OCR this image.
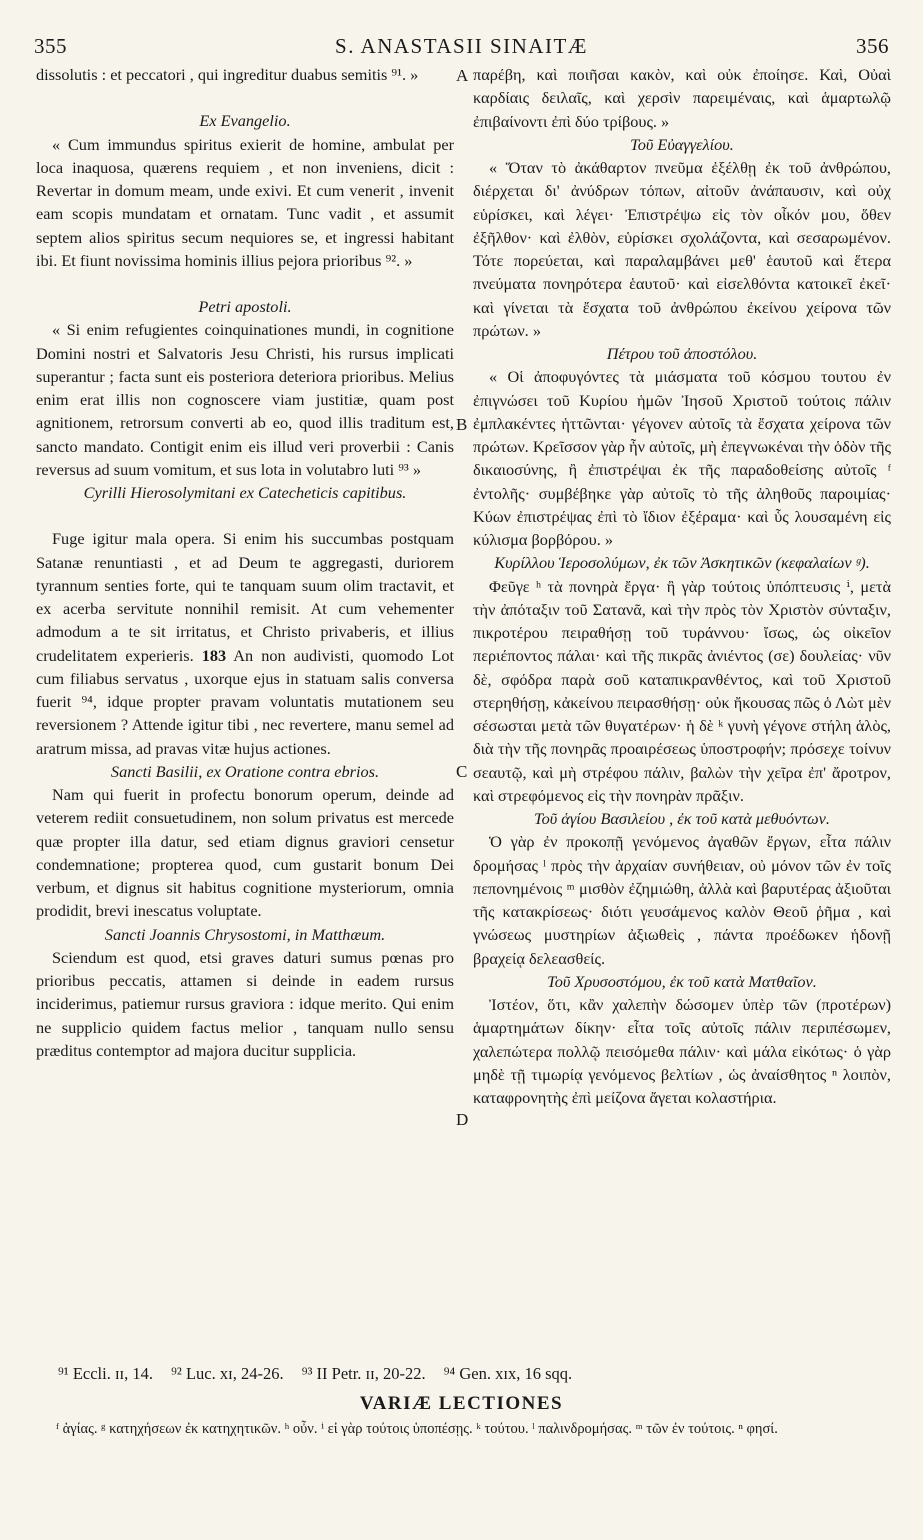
355	S. ANASTASII SINAITÆ	356

dissolutis : et peccatori , qui ingreditur duabus semitis ⁹¹. »

Ex Evangelio.

« Cum immundus spiritus exierit de homine, ambulat per loca inaquosa, quærens requiem , et non inveniens, dicit : Revertar in domum meam, unde exivi. Et cum venerit , invenit eam scopis mundatam et ornatam. Tunc vadit , et assumit septem alios spiritus secum nequiores se, et ingressi habitant ibi. Et fiunt novissima hominis illius pejora prioribus ⁹². »

Petri apostoli.

« Si enim refugientes coinquinationes mundi, in cognitione Domini nostri et Salvatoris Jesu Christi, his rursus implicati superantur ; facta sunt eis posteriora deteriora prioribus. Melius enim erat illis non cognoscere viam justitiæ, quam post agnitionem, retrorsum converti ab eo, quod illis traditum est, sancto mandato. Contigit enim eis illud veri proverbii : Canis reversus ad suum vomitum, et sus lota in volutabro luti ⁹³ »

Cyrilli Hierosolymitani ex Catecheticis capitibus.

Fuge igitur mala opera. Si enim his succumbas postquam Satanæ renuntiasti , et ad Deum te aggregasti, duriorem tyrannum senties forte, qui te tanquam suum olim tractavit, et ex acerba servitute nonnihil remisit. At cum vehementer admodum a te sit irritatus, et Christo privaberis, et illius crudelitatem experieris. 183 An non audivisti, quomodo Lot cum filiabus servatus , uxorque ejus in statuam salis conversa fuerit ⁹⁴, idque propter pravam voluntatis mutationem seu reversionem ? Attende igitur tibi , nec revertere, manu semel ad aratrum missa, ad pravas vitæ hujus actiones.

Sancti Basilii, ex Oratione contra ebrios.

Nam qui fuerit in profectu bonorum operum, deinde ad veterem rediit consuetudinem, non solum privatus est mercede quæ propter illa datur, sed etiam dignus graviori censetur condemnatione; propterea quod, cum gustarit bonum Dei verbum, et dignus sit habitus cognitione mysteriorum, omnia prodidit, brevi inescatus voluptate.

Sancti Joannis Chrysostomi, in Matthæum.

Sciendum est quod, etsi graves daturi sumus pœnas pro prioribus peccatis, attamen si deinde in eadem rursus inciderimus, patiemur rursus graviora : idque merito. Qui enim ne supplicio quidem factus melior , tanquam nullo sensu præditus contemptor ad majora ducitur supplicia.

A
B
C
D

παρέβη, καὶ ποιῆσαι κακὸν, καὶ οὐκ ἐποίησε. Καὶ, Οὐαὶ καρδίαις δειλαῖς, καὶ χερσὶν παρειμέναις, καὶ ἁμαρτωλῷ ἐπιβαίνοντι ἐπὶ δύο τρίβους. »

Τοῦ Εὐαγγελίου.

« Ὅταν τὸ ἀκάθαρτον πνεῦμα ἐξέλθῃ ἐκ τοῦ ἀνθρώπου, διέρχεται δι' ἀνύδρων τόπων, αἰτοῦν ἀνάπαυσιν, καὶ οὐχ εὑρίσκει, καὶ λέγει· Ἐπιστρέψω εἰς τὸν οἶκόν μου, ὅθεν ἐξῆλθον· καὶ ἐλθὸν, εὑρίσκει σχολάζοντα, καὶ σεσαρωμένον. Τότε πορεύεται, καὶ παραλαμβάνει μεθ' ἑαυτοῦ καὶ ἕτερα πνεύματα πονηρότερα ἑαυτοῦ· καὶ εἰσελθόντα κατοικεῖ ἐκεῖ· καὶ γίνεται τὰ ἔσχατα τοῦ ἀνθρώπου ἐκείνου χείρονα τῶν πρώτων. »

Πέτρου τοῦ ἀποστόλου.

« Οἱ ἀποφυγόντες τὰ μιάσματα τοῦ κόσμου τουτου ἐν ἐπιγνώσει τοῦ Κυρίου ἡμῶν Ἰησοῦ Χριστοῦ τούτοις πάλιν ἐμπλακέντες ἡττῶνται· γέγονεν αὐτοῖς τὰ ἔσχατα χείρονα τῶν πρώτων. Κρεῖσσον γὰρ ἦν αὐτοῖς, μὴ ἐπεγνωκέναι τὴν ὁδὸν τῆς δικαιοσύνης, ἢ ἐπιστρέψαι ἐκ τῆς παραδοθείσης αὐτοῖς ᶠ ἐντολῆς· συμβέβηκε γὰρ αὐτοῖς τὸ τῆς ἀληθοῦς παροιμίας· Κύων ἐπιστρέψας ἐπὶ τὸ ἴδιον ἐξέραμα· καὶ ὗς λουσαμένη εἰς κύλισμα βορβόρου. »

Κυρίλλου Ἱεροσολύμων, ἐκ τῶν Ἀσκητικῶν (κεφαλαίων ᵍ).

Φεῦγε ʰ τὰ πονηρὰ ἔργα· ἢ γὰρ τούτοις ὑπόπτευσις ⁱ, μετὰ τὴν ἀπόταξιν τοῦ Σατανᾶ, καὶ τὴν πρὸς τὸν Χριστὸν σύνταξιν, πικροτέρου πειραθήσῃ τοῦ τυράννου· ἴσως, ὡς οἰκεῖον περιέποντος πάλαι· καὶ τῆς πικρᾶς ἀνιέντος (σε) δουλείας· νῦν δὲ, σφόδρα παρὰ σοῦ καταπικρανθέντος, καὶ τοῦ Χριστοῦ στερηθήσῃ, κἀκείνου πειρασθήσῃ· οὐκ ἤκουσας πῶς ὁ Λὼτ μὲν σέσωσται μετὰ τῶν θυγατέρων· ἡ δὲ ᵏ γυνὴ γέγονε στήλη ἁλὸς, διὰ τὴν τῆς πονηρᾶς προαιρέσεως ὑποστροφήν; πρόσεχε τοίνυν σεαυτῷ, καὶ μὴ στρέφου πάλιν, βαλὼν τὴν χεῖρα ἐπ' ἄροτρον, καὶ στρεφόμενος εἰς τὴν πονηρὰν πρᾶξιν.

Τοῦ ἁγίου Βασιλείου , ἐκ τοῦ κατὰ μεθυόντων.

Ὁ γὰρ ἐν προκοπῇ γενόμενος ἀγαθῶν ἔργων, εἶτα πάλιν δρομήσας ˡ πρὸς τὴν ἀρχαίαν συνήθειαν, οὐ μόνον τῶν ἐν τοῖς πεπονημένοις ᵐ μισθὸν ἐζημιώθη, ἀλλὰ καὶ βαρυτέρας ἀξιοῦται τῆς κατακρίσεως· διότι γευσάμενος καλὸν Θεοῦ ῥῆμα , καὶ γνώσεως μυστηρίων ἀξιωθεὶς , πάντα προέδωκεν ἡδονῇ βραχείᾳ δελεασθείς.

Τοῦ Χρυσοστόμου, ἐκ τοῦ κατὰ Ματθαῖον.

Ἰστέον, ὅτι, κἂν χαλεπὴν δώσομεν ὑπὲρ τῶν (προτέρων) ἁμαρτημάτων δίκην· εἶτα τοῖς αὐτοῖς πάλιν περιπέσωμεν, χαλεπώτερα πολλῷ πεισόμεθα πάλιν· καὶ μάλα εἰκότως· ὁ γὰρ μηδὲ τῇ τιμωρίᾳ γενόμενος βελτίων , ὡς ἀναίσθητος ⁿ λοιπὸν, καταφρονητὴς ἐπὶ μείζονα ἄγεται κολαστήρια.

⁹¹ Eccli. ɪɪ, 14. ⁹² Luc. xɪ, 24-26. ⁹³ II Petr. ɪɪ, 20-22. ⁹⁴ Gen. xɪx, 16 sqq.
VARIÆ LECTIONES
ᶠ ἁγίας. ᵍ κατηχήσεων ἐκ κατηχητικῶν. ʰ οὖν. ⁱ εἰ γὰρ τούτοις ὑποπέσῃς. ᵏ τούτου. ˡ παλινδρομήσας. ᵐ τῶν ἐν τούτοις. ⁿ φησί.
